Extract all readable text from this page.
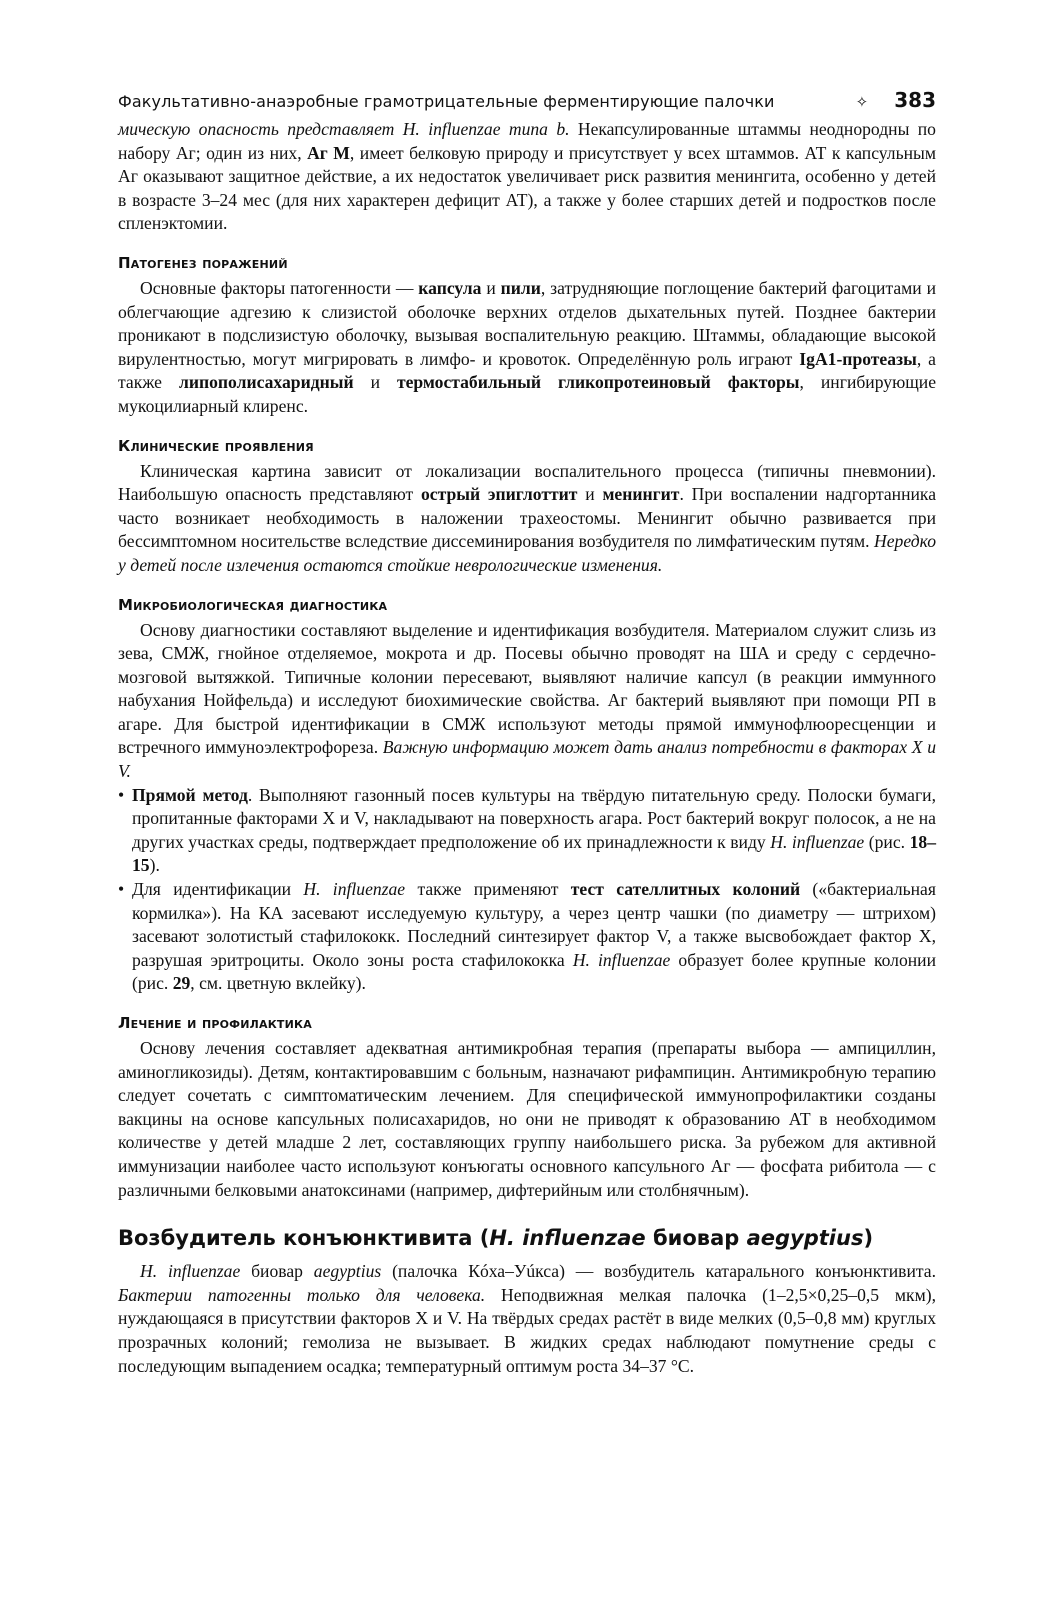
Факультативно-анаэробные грамотрицательные ферментирующие палочки	✧ 383

мическую опасность представляет H. influenzae типа b. Некапсулированные штаммы неоднородны по набору Аг; один из них, Аг М, имеет белковую природу и присутствует у всех штаммов. АТ к капсульным Аг оказывают защитное действие, а их недостаток увеличивает риск развития менингита, особенно у детей в возрасте 3–24 мес (для них характерен дефицит АТ), а также у более старших детей и подростков после спленэктомии.

Патогенез поражений

Основные факторы патогенности — капсула и пили, затрудняющие поглощение бактерий фагоцитами и облегчающие адгезию к слизистой оболочке верхних отделов дыхательных путей. Позднее бактерии проникают в подслизистую оболочку, вызывая воспалительную реакцию. Штаммы, обладающие высокой вирулентностью, могут мигрировать в лимфо- и кровоток. Определённую роль играют IgA1-протеазы, а также липополисахаридный и термостабильный гликопротеиновый факторы, ингибирующие мукоцилиарный клиренс.

Клинические проявления

Клиническая картина зависит от локализации воспалительного процесса (типичны пневмонии). Наибольшую опасность представляют острый эпиглоттит и менингит. При воспалении надгортанника часто возникает необходимость в наложении трахеостомы. Менингит обычно развивается при бессимптомном носительстве вследствие диссеминирования возбудителя по лимфатическим путям. Нередко у детей после излечения остаются стойкие неврологические изменения.

Микробиологическая диагностика

Основу диагностики составляют выделение и идентификация возбудителя. Материалом служит слизь из зева, СМЖ, гнойное отделяемое, мокрота и др. Посевы обычно проводят на ШA и среду с сердечно-мозговой вытяжкой. Типичные колонии пересевают, выявляют наличие капсул (в реакции иммунного набухания Нойфельда) и исследуют биохимические свойства. Аг бактерий выявляют при помощи РП в агаре. Для быстрой идентификации в СМЖ используют методы прямой иммунофлюоресценции и встречного иммуноэлектрофореза. Важную информацию может дать анализ потребности в факторах X и V.

• Прямой метод. Выполняют газонный посев культуры на твёрдую питательную среду. Полоски бумаги, пропитанные факторами X и V, накладывают на поверхность агара. Рост бактерий вокруг полосок, а не на других участках среды, подтверждает предположение об их принадлежности к виду H. influenzae (рис. 18–15).
• Для идентификации H. influenzae также применяют тест сателлитных колоний («бактериальная кормилка»). На КА засевают исследуемую культуру, а через центр чашки (по диаметру — штрихом) засевают золотистый стафилококк. Последний синтезирует фактор V, а также высвобождает фактор X, разрушая эритроциты. Около зоны роста стафилококка H. influenzae образует более крупные колонии (рис. 29, см. цветную вклейку).
Лечение и профилактика

Основу лечения составляет адекватная антимикробная терапия (препараты выбора — ампициллин, аминогликозиды). Детям, контактировавшим с больным, назначают рифампицин. Антимикробную терапию следует сочетать с симптоматическим лечением. Для специфической иммунопрофилактики созданы вакцины на основе капсульных полисахаридов, но они не приводят к образованию АТ в необходимом количестве у детей младше 2 лет, составляющих группу наибольшего риска. За рубежом для активной иммунизации наиболее часто используют конъюгаты основного капсульного Аг — фосфата рибитола — с различными белковыми анатоксинами (например, дифтерийным или столбнячным).

Возбудитель конъюнктивита (H. influenzae биовар aegyptius)

H. influenzae биовар aegyptius (палочка Кóха–Уúкса) — возбудитель катарального конъюнктивита. Бактерии патогенны только для человека. Неподвижная мелкая палочка (1–2,5×0,25–0,5 мкм), нуждающаяся в присутствии факторов X и V. На твёрдых средах растёт в виде мелких (0,5–0,8 мм) круглых прозрачных колоний; гемолиза не вызывает. В жидких средах наблюдают помутнение среды с последующим выпадением осадка; температурный оптимум роста 34–37 °С.
